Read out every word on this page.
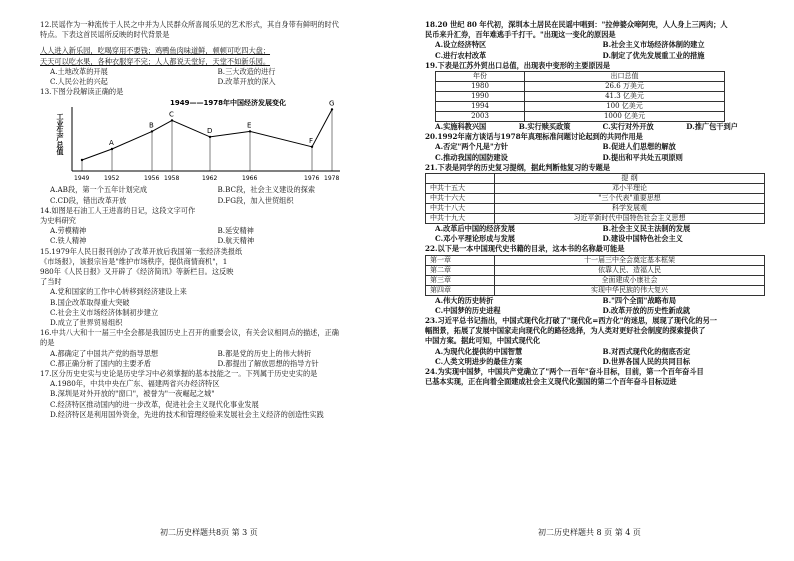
12.民谣作为一种流传于人民之中并为人民群众所喜闻乐见的艺术形式，其自身带有鲜明的时代

特点。下表这首民谣所反映的时代背景是

人人进入新乐园，吃喝穿用不要钱；鸡鸭鱼肉味道鲜，顿顿可吃四大盘；

天天可以吃水果，各种衣服穿不完；人人都说天堂好，天堂不如新乐园。

A.土地改革的开展	B.三大改造的进行
C.人民公社的兴起	D.改革开放的深入

13.下图分段解读正确的是

1949——1978年中国经济发展变化
工业生产总值	A
B
C
D
E
F
G
1949 1952	1956 1958	1962	1966	1976 1978
A.AB段，第一个五年计划完成	B.BC段，社会主义建设的探索
C.CD段，错出改革开放	D.FG段，加入世贸组织

14.如图是石油工人王进喜的日记，这段文字可作

为史料研究

A.劳模精神	B.延安精神
C.铁人精神	D.航天精神

15.1979年人民日报刊创办了改革开放后我国第一张经济类报纸

《市场报》，该报宗旨是"维护市场秩序，提供商情商机"，1

980年《人民日报》又开辟了《经济简讯》等新栏目。这反映

了当时

A.党和国家的工作中心转移到经济建设上来

B.国企改革取得重大突破

C.社会主义市场经济体制初步建立

D.成立了世界贸易组织

16.中共八大和十一届三中全会都是我国历史上召开的重要会议，有关会议相同点的描述，正确

的是

A.都确定了中国共产党的指导思想	B.都是党的历史上的伟大转折
C.都正确分析了国内的主要矛盾	D.都提出了解放思想的指导方针

17.区分历史史实与史论是历史学习中必须掌握的基本技能之一。下列属于历史史实的是

A.1980年，中共中央在广东、福建两省兴办经济特区

B.深圳是对外开放的"窗口"，被誉为"一夜崛起之城"

C.经济特区推动国内的进一步改革，促进社会主义现代化事业发展

D.经济特区是利用国外资金，先进的技术和管理经验来发展社会主义经济的创造性实践

18.20 世纪 80 年代初，深圳本土居民在民谣中唱到："拉伸婆众啼阿兜，人人身上三两肉；人

民币来升汇券，百年难逃手千打干。"出现这一变化的原因是

A.设立经济特区	B.社会主义市场经济体制的建立
C.进行农村改革	D.制定了优先发展重工业的措施

19.下表是江苏外贸出口总值，出现表中变形的主要原因是

年份	出口总值
1980	26.6 万美元
1990	41.3 亿美元
1994	100 亿美元
2003	1000 亿美元
A.实施科教兴国	B.实行赎买政策	C.实行对外开放	D.推广包干到户

20.1992年南方谈话与1978年真理标准问题讨论起到的共同作用是

A.否定"两个凡是"方针	B.促进人们思想的解放
C.推动我国的国防建设	D.提出和平共处五项原则

21.下表是同学的历史复习提纲，据此判断他复习的专题是

	提 纲
中共十五大	邓小平理论
中共十六大	"三个代表"重要思想
中共十八大	科学发展观
中共十九大	习近平新时代中国特色社会主义思想
A.改革后中国的经济发展	B.社会主义民主法制的发展
C.邓小平理论形成与发展	D.建设中国特色社会主义

22.以下是一本中国现代史书籍的目录，这本书的名称最可能是

第一章	十一届三中全会奠定基本框架
第二章	依靠人民、造福人民
第三章	全面建成小康社会
第四章	实现中华民族的伟大复兴
A.伟大的历史转折	B."四个全面"战略布局
C.中国梦的历史进程	D.改革开放的历史性新成就

23.习近平总书记指出，中国式现代化打破了"现代化=西方化"的迷思，展现了现代化的另一

幅图景，拓展了发展中国家走向现代化的路径选择，为人类对更好社会制度的探索提供了

中国方案。据此可知，中国式现代化

A.为现代化提供的中国智慧	B.对西式现代化的彻底否定
C.人类文明进步的最佳方案	D.世界各国人民的共同目标

24.为实现中国梦，中国共产党确立了"两个一百年"奋斗目标，目前，第一个百年奋斗目

已基本实现，正在向着全面建成社会主义现代化强国的第二个百年奋斗目标迈进

初二历史样题共8页 第 3 页	初二历史样题共 8 页 第 4 页
